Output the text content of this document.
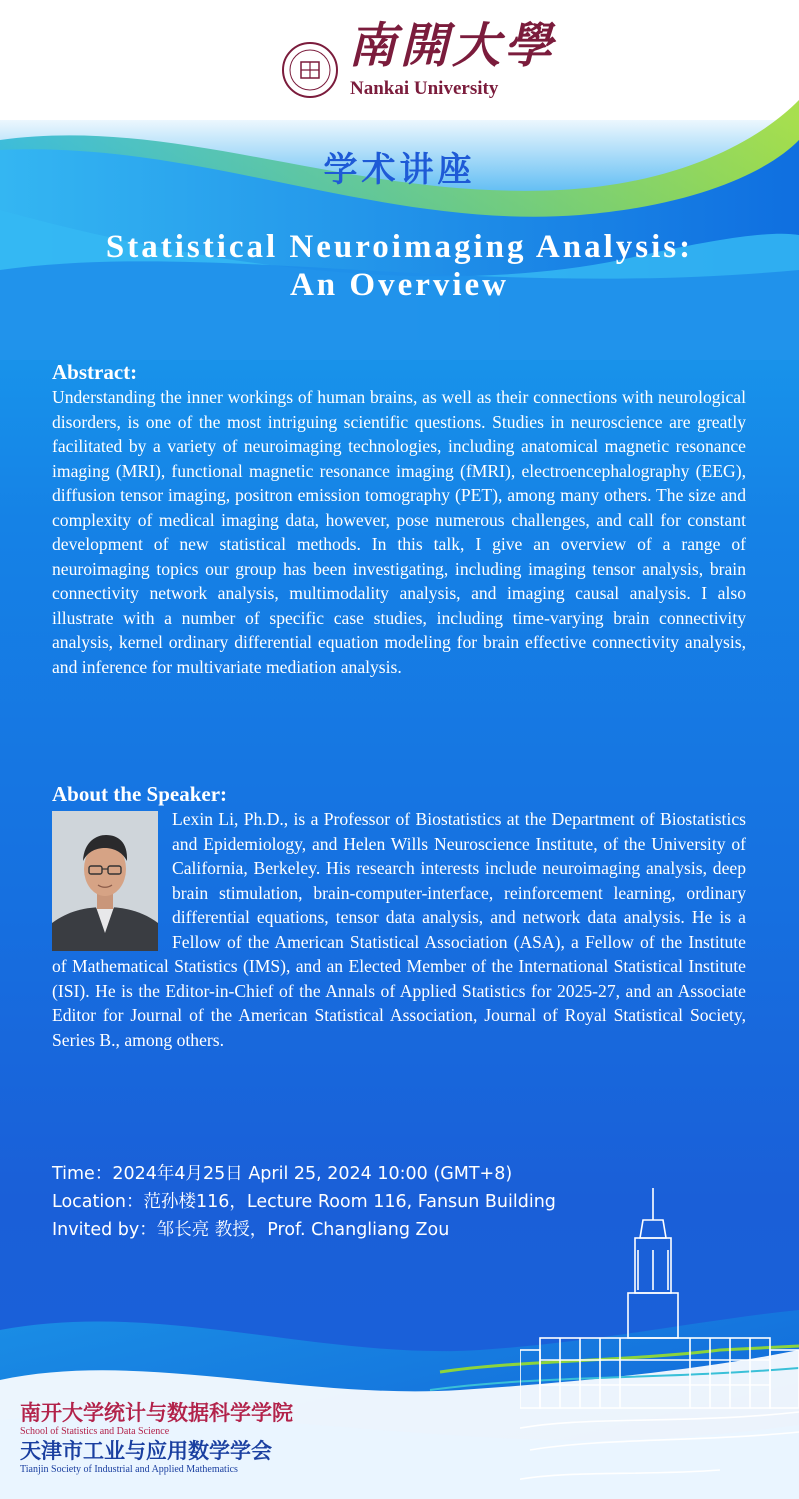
南開大學
Nankai University
学术讲座
Statistical Neuroimaging Analysis:
An Overview
Abstract:
Understanding the inner workings of human brains, as well as their connections with neurological disorders, is one of the most intriguing scientific questions. Studies in neuroscience are greatly facilitated by a variety of neuroimaging technologies, including anatomical magnetic resonance imaging (MRI), functional magnetic resonance imaging (fMRI), electroencephalography (EEG), diffusion tensor imaging, positron emission tomography (PET), among many others. The size and complexity of medical imaging data, however, pose numerous challenges, and call for constant development of new statistical methods. In this talk, I give an overview of a range of neuroimaging topics our group has been investigating, including imaging tensor analysis, brain connectivity network analysis, multimodality analysis, and imaging causal analysis. I also illustrate with a number of specific case studies, including time-varying brain connectivity analysis, kernel ordinary differential equation modeling for brain effective connectivity analysis, and inference for multivariate mediation analysis.
About the Speaker:
Lexin Li, Ph.D., is a Professor of Biostatistics at the Department of Biostatistics and Epidemiology, and Helen Wills Neuroscience Institute, of the University of California, Berkeley. His research interests include neuroimaging analysis, deep brain stimulation, brain-computer-interface, reinforcement learning, ordinary differential equations, tensor data analysis, and network data analysis. He is a Fellow of the American Statistical Association (ASA), a Fellow of the Institute of Mathematical Statistics (IMS), and an Elected Member of the International Statistical Institute (ISI). He is the Editor-in-Chief of the Annals of Applied Statistics for 2025-27, and an Associate Editor for Journal of the American Statistical Association, Journal of Royal Statistical Society, Series B., among others.
Time：2024年4月25日 April 25, 2024 10:00 (GMT+8)
Location：范孙楼116，Lecture Room 116, Fansun Building
Invited by：邹长亮 教授，Prof. Changliang Zou
南开大学统计与数据科学学院
School of Statistics and Data Science
天津市工业与应用数学学会
Tianjin Society of Industrial and Applied Mathematics
